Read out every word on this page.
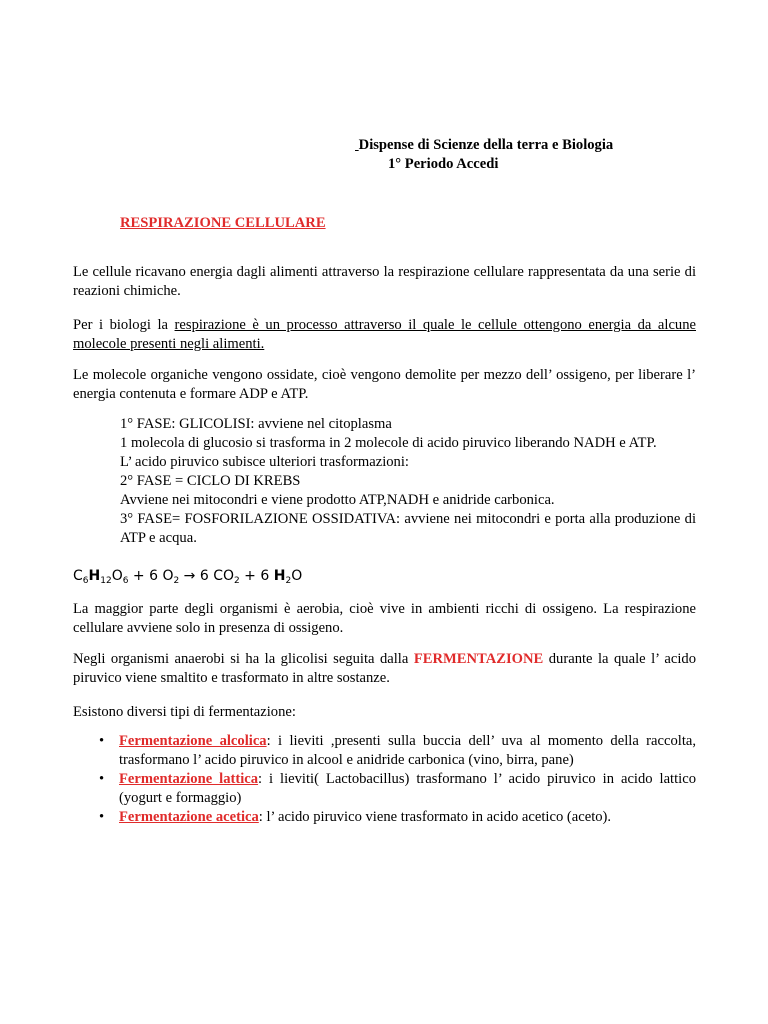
Dispense di Scienze della terra e Biologia
1° Periodo Accedi
RESPIRAZIONE CELLULARE
Le cellule ricavano energia dagli alimenti attraverso la respirazione cellulare rappresentata da una serie di reazioni chimiche.
Per i biologi la respirazione è un processo attraverso il quale le cellule ottengono energia da alcune molecole presenti negli alimenti.
Le molecole organiche vengono ossidate, cioè vengono demolite per mezzo dell’ ossigeno, per liberare l’ energia contenuta e formare ADP e ATP.
1° FASE: GLICOLISI: avviene nel citoplasma
1 molecola di glucosio si trasforma in 2 molecole di acido piruvico liberando NADH e ATP.
L’ acido piruvico subisce ulteriori trasformazioni:
2° FASE = CICLO DI KREBS
Avviene nei mitocondri e viene prodotto ATP,NADH e anidride carbonica.
3° FASE= FOSFORILAZIONE OSSIDATIVA: avviene nei mitocondri e porta alla produzione di ATP e acqua.
$C_6H_{12}O_6 + 6$ $O_2 \to 6$ $CO_2 + 6$ $H_2O$
La maggior parte degli organismi è aerobia, cioè vive in ambienti ricchi di ossigeno. La respirazione cellulare avviene solo in presenza di ossigeno.
Negli organismi anaerobi si ha la glicolisi seguita dalla FERMENTAZIONE durante la quale l’ acido piruvico viene smaltito e trasformato in altre sostanze.
Esistono diversi tipi di fermentazione:
• Fermentazione alcolica: i lieviti ,presenti sulla buccia dell’ uva al momento della raccolta, trasformano l’ acido piruvico in alcool e anidride carbonica (vino, birra, pane)
• Fermentazione lattica: i lieviti( Lactobacillus) trasformano l’ acido piruvico in acido lattico (yogurt e formaggio)
• Fermentazione acetica: l’ acido piruvico viene trasformato in acido acetico (aceto).
